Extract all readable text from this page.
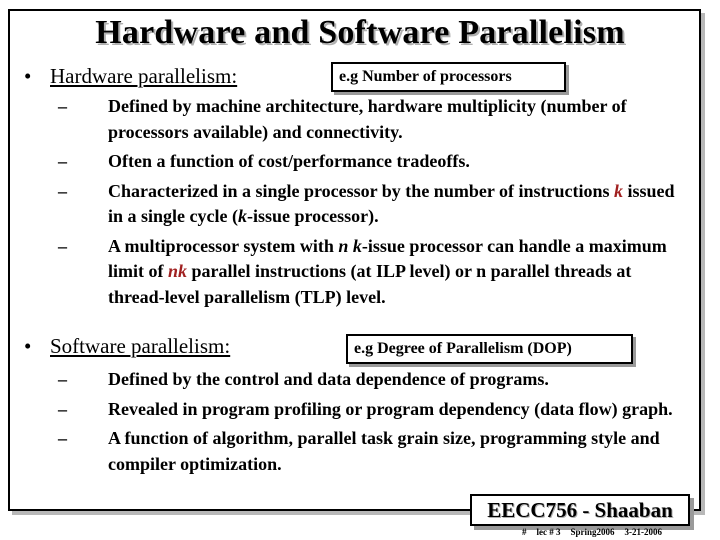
Hardware and Software Parallelism
• Hardware parallelism:	e.g Number of processors
– Defined by machine architecture, hardware multiplicity (number of processors available) and connectivity.
– Often a function of cost/performance tradeoffs.
– Characterized in a single processor by the number of instructions k issued in a single cycle (k-issue processor).
– A multiprocessor system with n k-issue processor can handle a maximum limit of nk parallel instructions (at ILP level) or n parallel threads at thread-level parallelism (TLP) level.
• Software parallelism:	e.g Degree of Parallelism (DOP)
– Defined by the control and data dependence of programs.
– Revealed in program profiling or program dependency (data flow) graph.
– A function of algorithm, parallel task grain size, programming style and compiler optimization.
EECC756 - Shaaban
# lec # 3 Spring2006 3-21-2006
